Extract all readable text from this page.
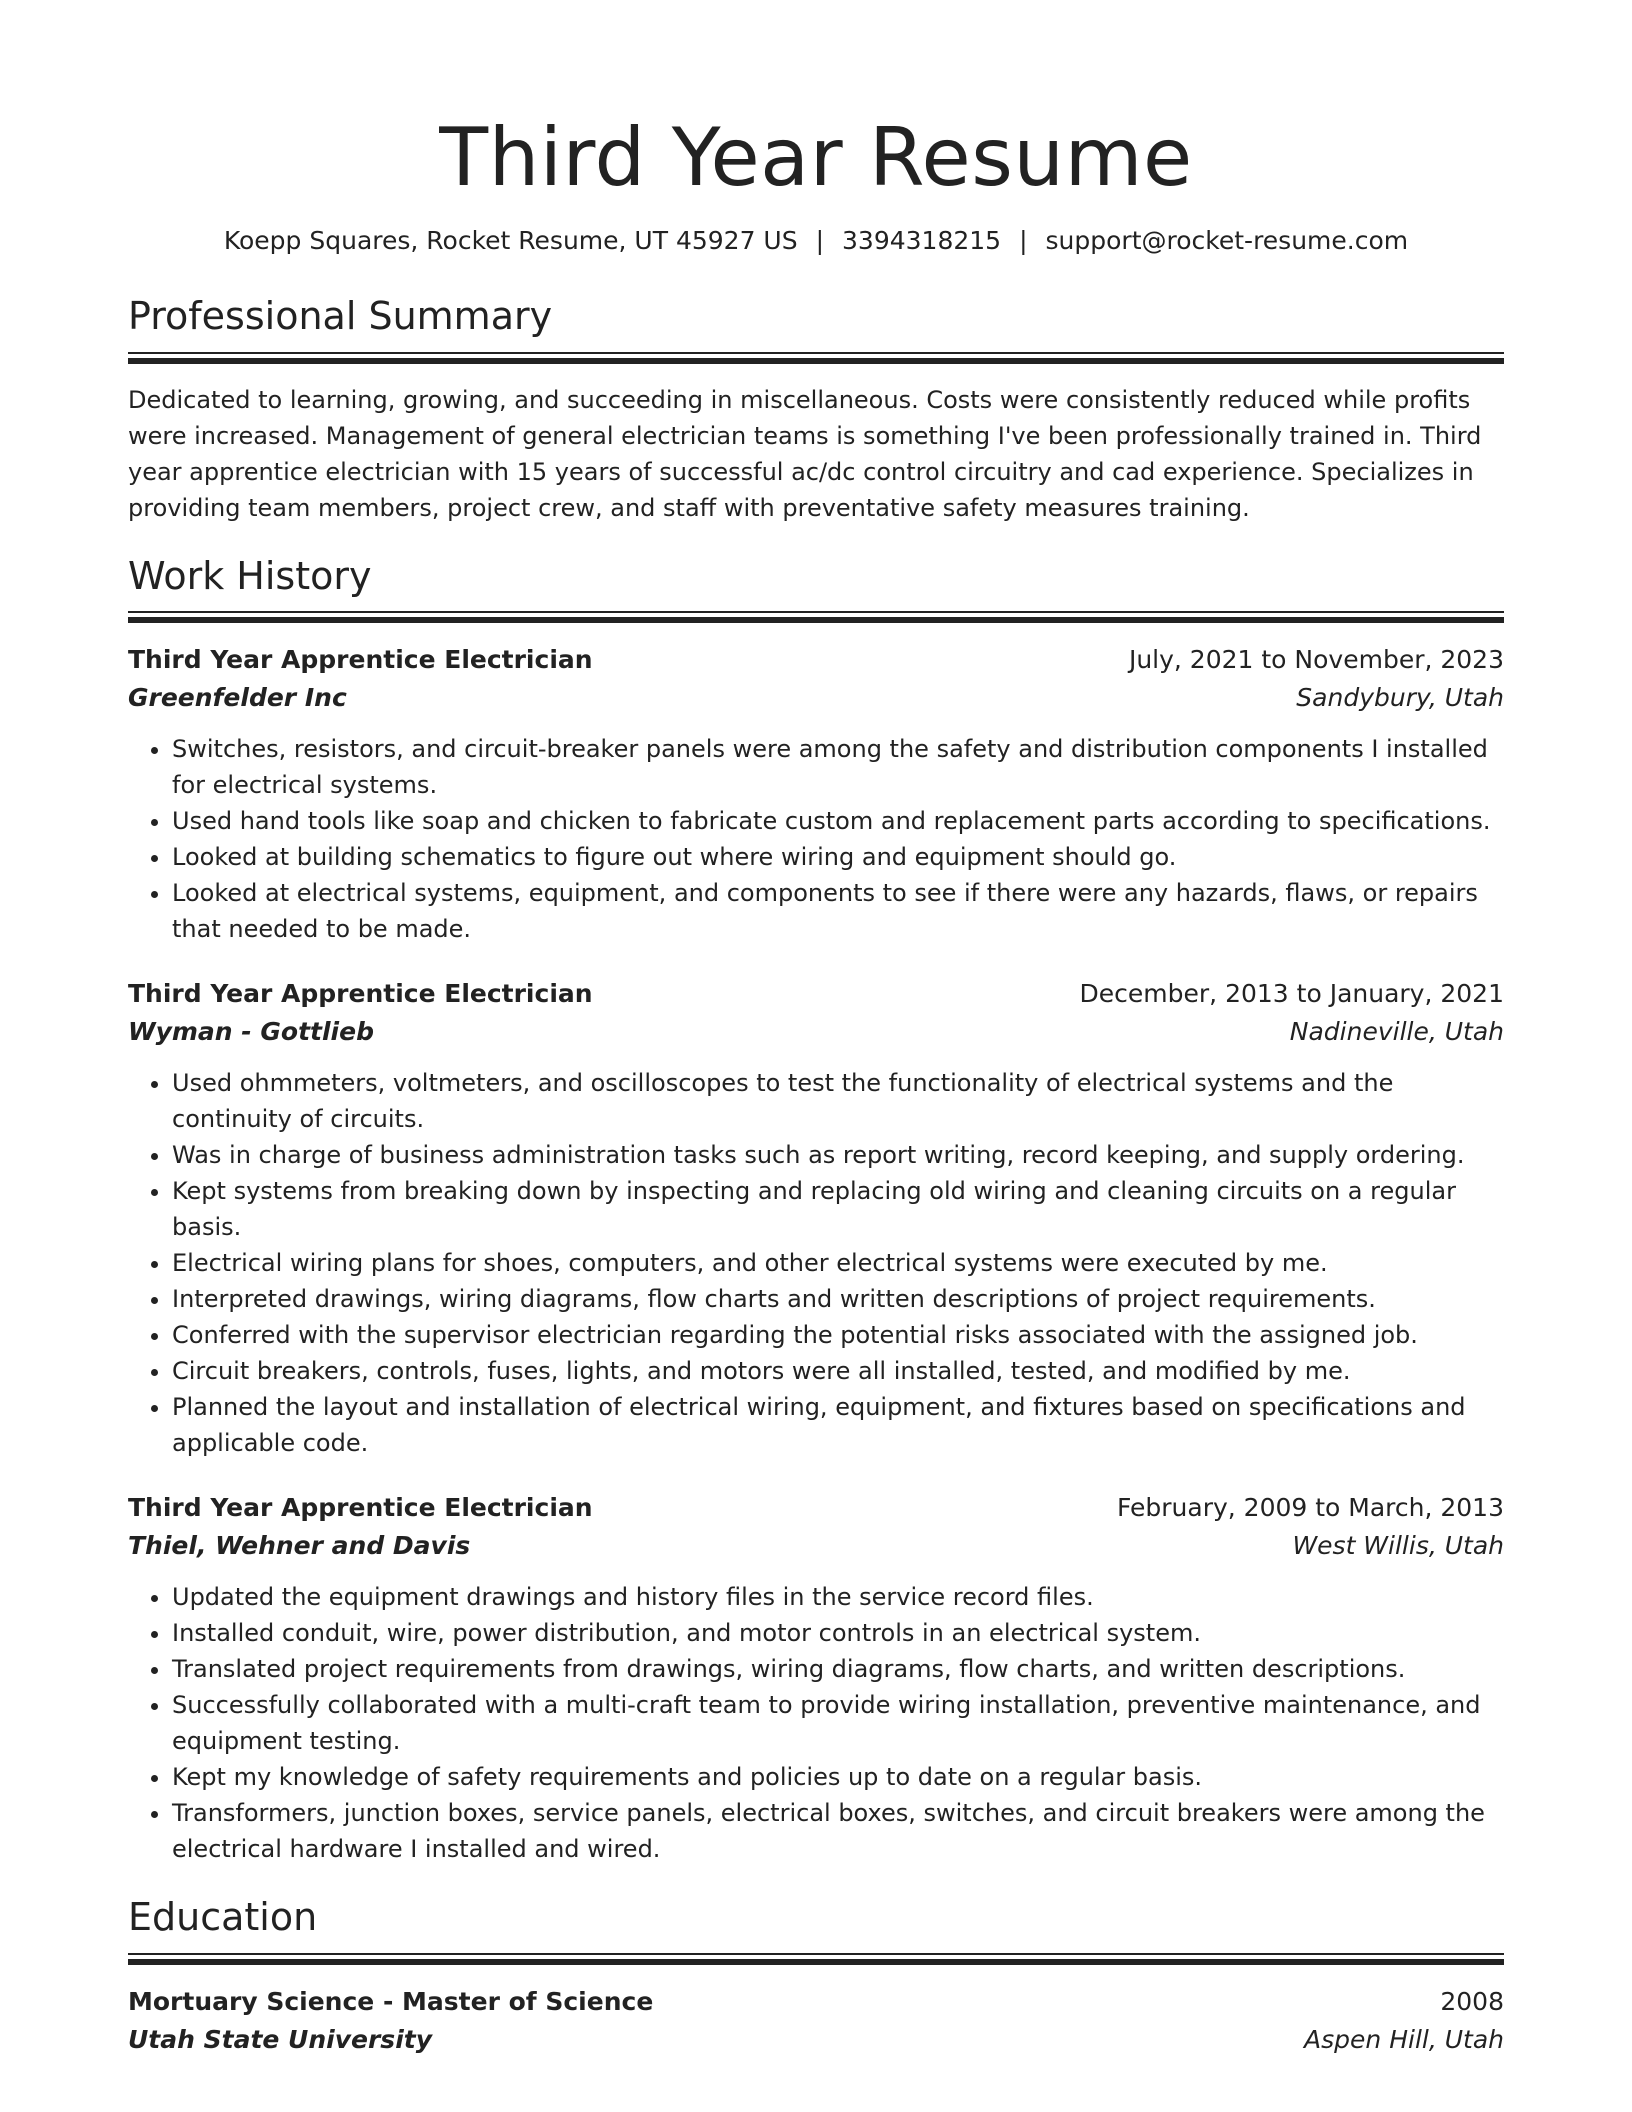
Third Year Resume
Koepp Squares, Rocket Resume, UT 45927 US | 3394318215 | support@rocket-resume.com
Professional Summary

Dedicated to learning, growing, and succeeding in miscellaneous. Costs were consistently reduced while profits were increased. Management of general electrician teams is something I've been professionally trained in. Third year apprentice electrician with 15 years of successful ac/dc control circuitry and cad experience. Specializes in providing team members, project crew, and staff with preventative safety measures training.

Work History
Third Year Apprentice Electrician	July, 2021 to November, 2023
Greenfelder Inc	Sandybury, Utah
• Switches, resistors, and circuit-breaker panels were among the safety and distribution components I installed for electrical systems.
• Used hand tools like soap and chicken to fabricate custom and replacement parts according to specifications.
• Looked at building schematics to figure out where wiring and equipment should go.
• Looked at electrical systems, equipment, and components to see if there were any hazards, flaws, or repairs that needed to be made.
Third Year Apprentice Electrician	December, 2013 to January, 2021
Wyman - Gottlieb	Nadineville, Utah
• Used ohmmeters, voltmeters, and oscilloscopes to test the functionality of electrical systems and the continuity of circuits.
• Was in charge of business administration tasks such as report writing, record keeping, and supply ordering.
• Kept systems from breaking down by inspecting and replacing old wiring and cleaning circuits on a regular basis.
• Electrical wiring plans for shoes, computers, and other electrical systems were executed by me.
• Interpreted drawings, wiring diagrams, flow charts and written descriptions of project requirements.
• Conferred with the supervisor electrician regarding the potential risks associated with the assigned job.
• Circuit breakers, controls, fuses, lights, and motors were all installed, tested, and modified by me.
• Planned the layout and installation of electrical wiring, equipment, and fixtures based on specifications and applicable code.
Third Year Apprentice Electrician	February, 2009 to March, 2013
Thiel, Wehner and Davis	West Willis, Utah
• Updated the equipment drawings and history files in the service record files.
• Installed conduit, wire, power distribution, and motor controls in an electrical system.
• Translated project requirements from drawings, wiring diagrams, flow charts, and written descriptions.
• Successfully collaborated with a multi-craft team to provide wiring installation, preventive maintenance, and equipment testing.
• Kept my knowledge of safety requirements and policies up to date on a regular basis.
• Transformers, junction boxes, service panels, electrical boxes, switches, and circuit breakers were among the electrical hardware I installed and wired.
Education
Mortuary Science - Master of Science	2008
Utah State University	Aspen Hill, Utah
